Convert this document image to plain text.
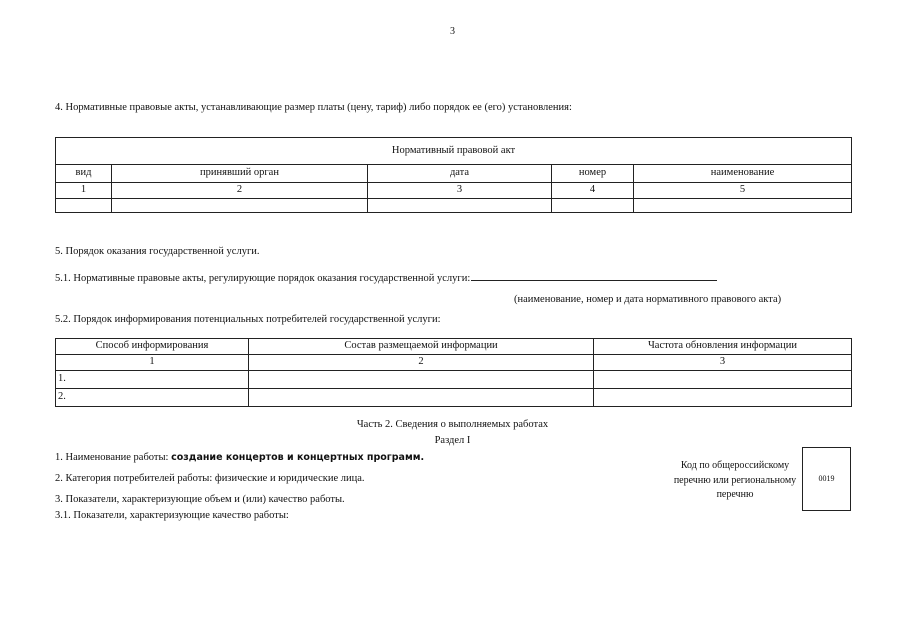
3
4. Нормативные правовые акты, устанавливающие размер платы (цену, тариф) либо порядок ее (его) установления:
Нормативный правовой акт				
вид	принявший орган	дата	номер	наименование
1	2	3	4	5

5. Порядок оказания государственной услуги.
5.1. Нормативные правовые акты, регулирующие порядок оказания государственной услуги:
(наименование, номер и дата нормативного правового акта)
5.2. Порядок информирования потенциальных потребителей государственной услуги:
Способ информирования	Состав размещаемой информации	Частота обновления информации
1	2	3
1.		
2.		
Часть 2. Сведения о выполняемых работах
Раздел I
1. Наименование работы: создание концертов и концертных программ.
2. Категория потребителей работы: физические и юридические лица.
3. Показатели, характеризующие объем и (или) качество работы.
3.1. Показатели, характеризующие качество работы:
Код по общероссийскому перечню или региональному перечню
0019
